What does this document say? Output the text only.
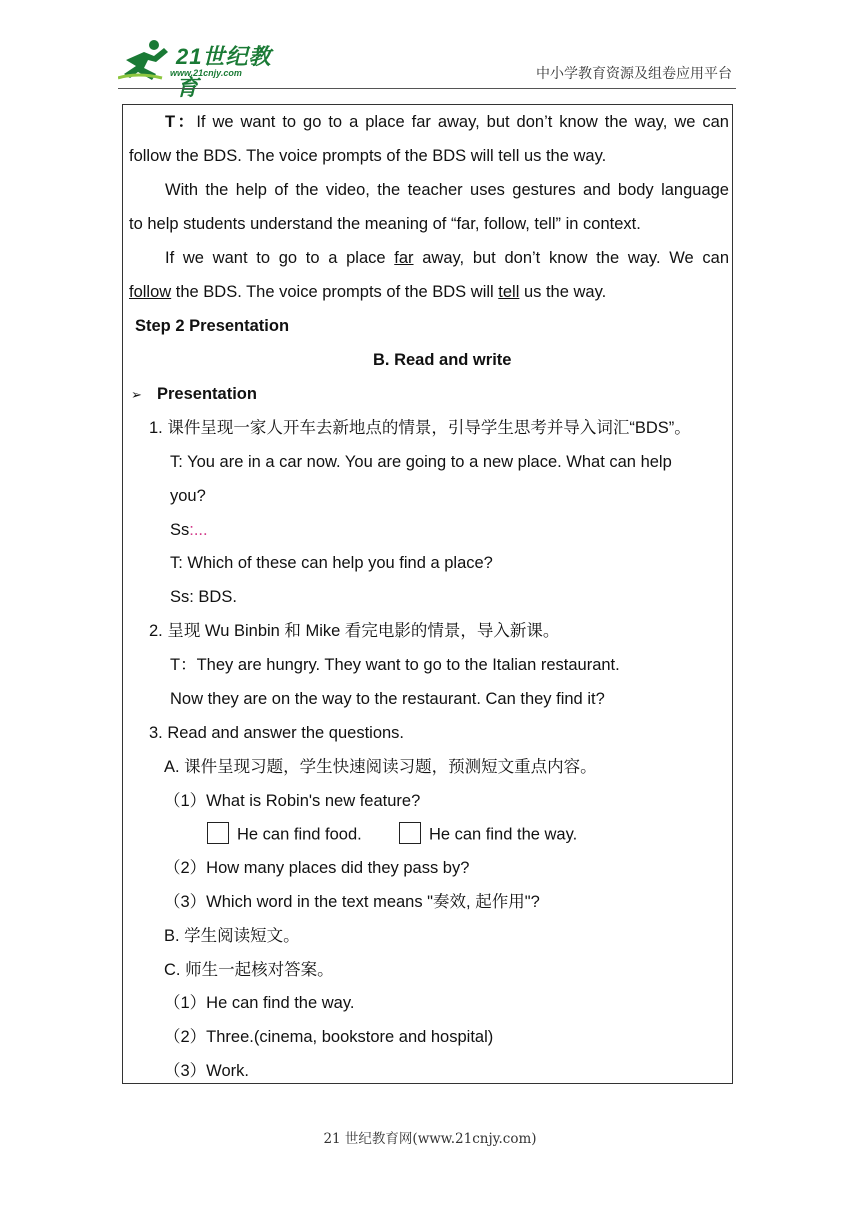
21世纪教育
www.21cnjy.com	中小学教育资源及组卷应用平台
T：If we want to go to a place far away, but don’t know the way, we can
follow the BDS. The voice prompts of the BDS will tell us the way.
With the help of the video, the teacher uses gestures and body language
to help students understand the meaning of “far, follow, tell” in context.
If we want to go to a place far away, but don’t know the way. We can
follow the BDS. The voice prompts of the BDS will tell us the way.
Step 2 Presentation
B. Read and write
➢ Presentation
1. 课件呈现一家人开车去新地点的情景，引导学生思考并导入词汇“BDS”。
T: You are in a car now. You are going to a new place. What can help
you?
Ss:...
T: Which of these can help you find a place?
Ss: BDS.
2. 呈现 Wu Binbin 和 Mike 看完电影的情景，导入新课。
T：They are hungry. They want to go to the Italian restaurant.
Now they are on the way to the restaurant. Can they find it?
3. Read and answer the questions.
A. 课件呈现习题，学生快速阅读习题，预测短文重点内容。
（1）What is Robin's new feature?
He can find food.	He can find the way.
（2）How many places did they pass by?
（3）Which word in the text means "奏效, 起作用"?
B. 学生阅读短文。
C. 师生一起核对答案。
（1）He can find the way.
（2）Three.(cinema, bookstore and hospital)
（3）Work.
21 世纪教育网(www.21cnjy.com)
